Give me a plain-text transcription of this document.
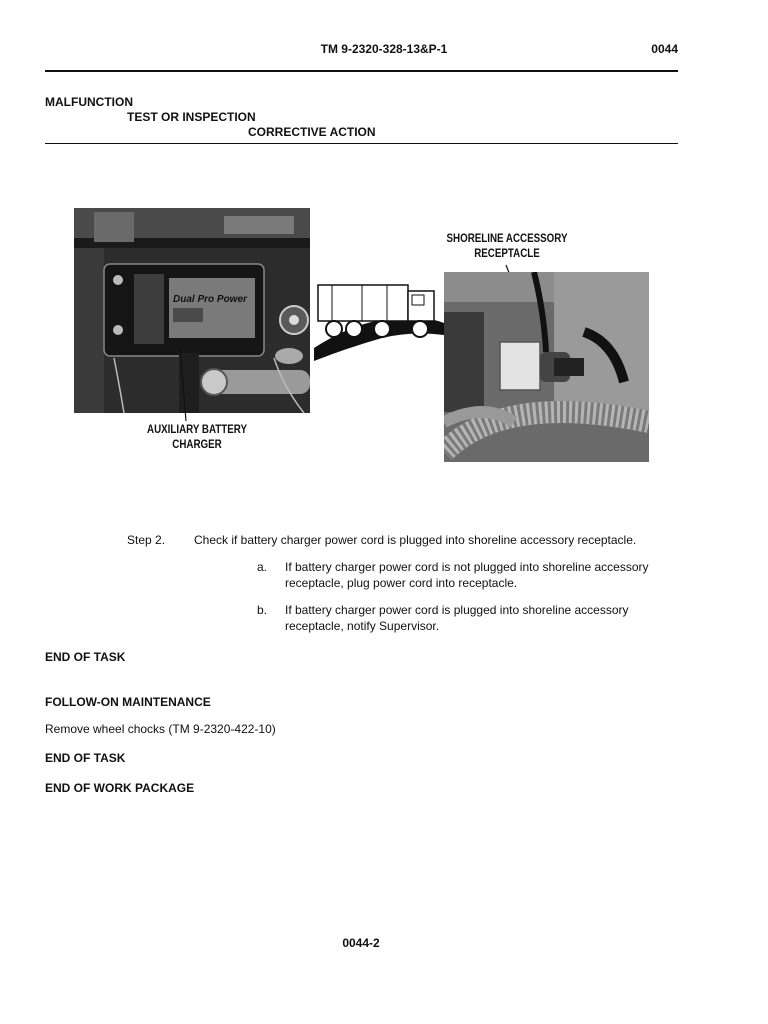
TM 9-2320-328-13&P-1	0044
MALFUNCTION
TEST OR INSPECTION
CORRECTIVE ACTION
Dual Pro Power
AUXILIARY BATTERY
CHARGER
SHORELINE ACCESSORY
RECEPTACLE
Step 2. Check if battery charger power cord is plugged into shoreline accessory receptacle.
a. If battery charger power cord is not plugged into shoreline accessory
receptacle, plug power cord into receptacle.
b. If battery charger power cord is plugged into shoreline accessory
receptacle, notify Supervisor.
END OF TASK
FOLLOW-ON MAINTENANCE
Remove wheel chocks (TM 9-2320-422-10)
END OF TASK
END OF WORK PACKAGE
0044-2
